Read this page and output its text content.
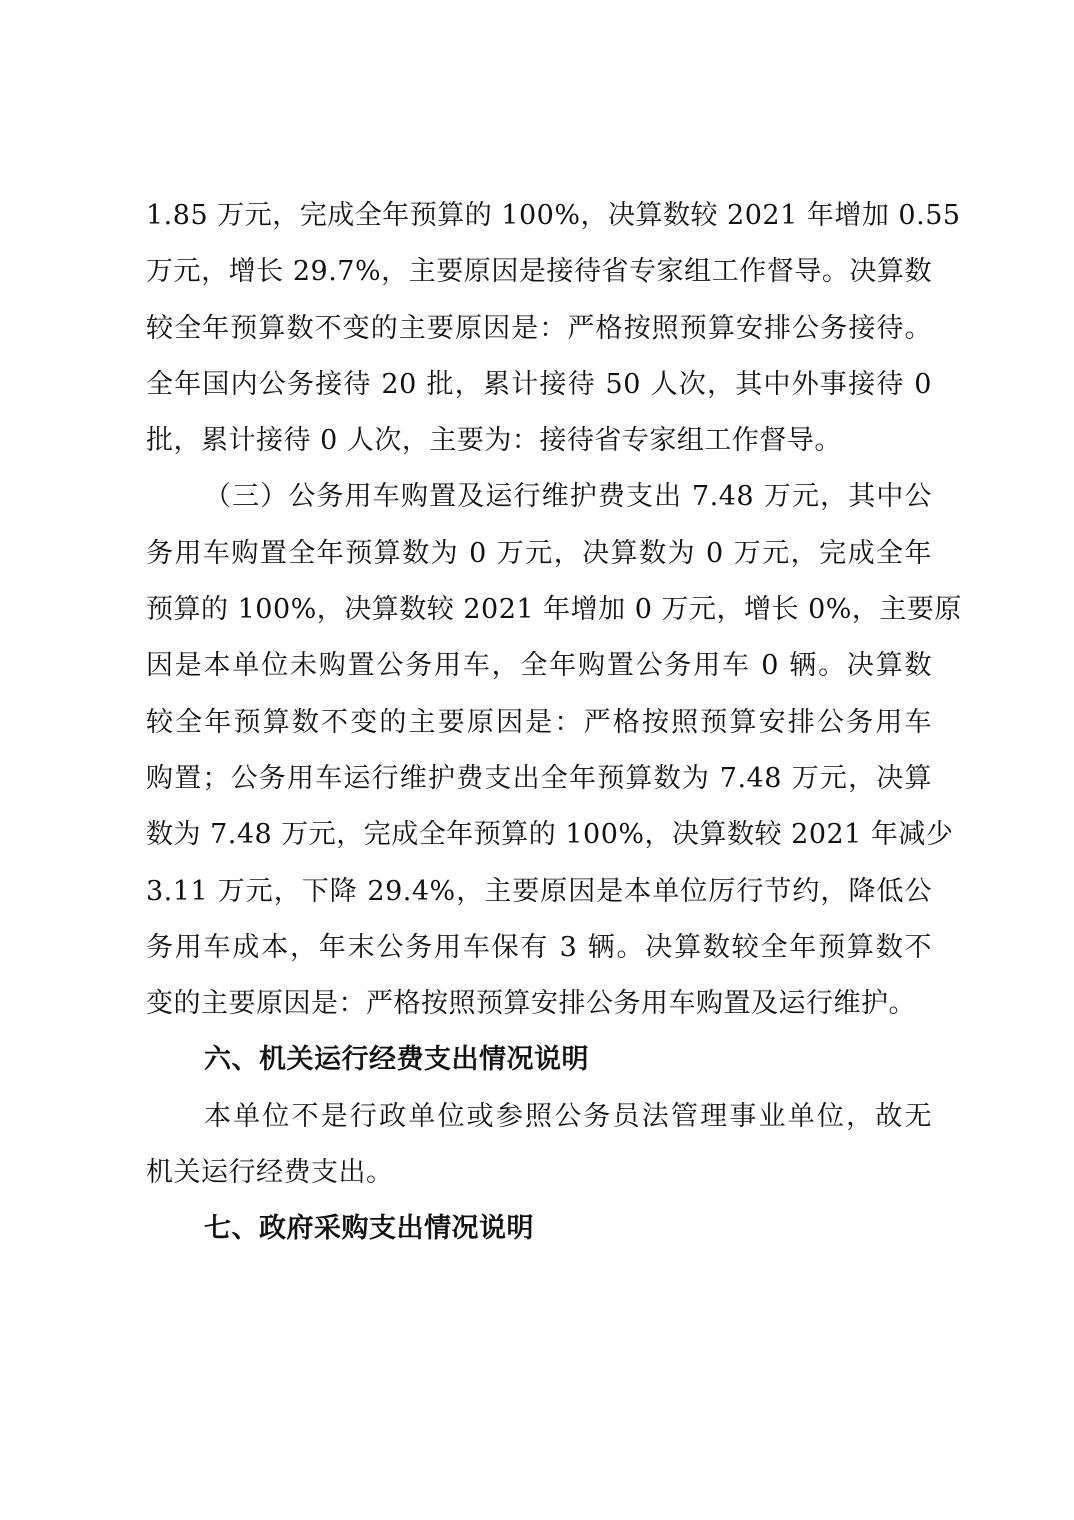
1.85 万元，完成全年预算的 100%，决算数较 2021 年增加 0.55
万元，增长 29.7%，主要原因是接待省专家组工作督导。决算数
较全年预算数不变的主要原因是：严格按照预算安排公务接待。
全年国内公务接待 20 批，累计接待 50 人次，其中外事接待 0
批，累计接待 0 人次，主要为：接待省专家组工作督导。
（三）公务用车购置及运行维护费支出 7.48 万元，其中公
务用车购置全年预算数为 0 万元，决算数为 0 万元，完成全年
预算的 100%，决算数较 2021 年增加 0 万元，增长 0%，主要原
因是本单位未购置公务用车，全年购置公务用车 0 辆。决算数
较全年预算数不变的主要原因是：严格按照预算安排公务用车
购置；公务用车运行维护费支出全年预算数为 7.48 万元，决算
数为 7.48 万元，完成全年预算的 100%，决算数较 2021 年减少
3.11 万元，下降 29.4%，主要原因是本单位厉行节约，降低公
务用车成本，年末公务用车保有 3 辆。决算数较全年预算数不
变的主要原因是：严格按照预算安排公务用车购置及运行维护。
六、机关运行经费支出情况说明
本单位不是行政单位或参照公务员法管理事业单位，故无
机关运行经费支出。
七、政府采购支出情况说明
